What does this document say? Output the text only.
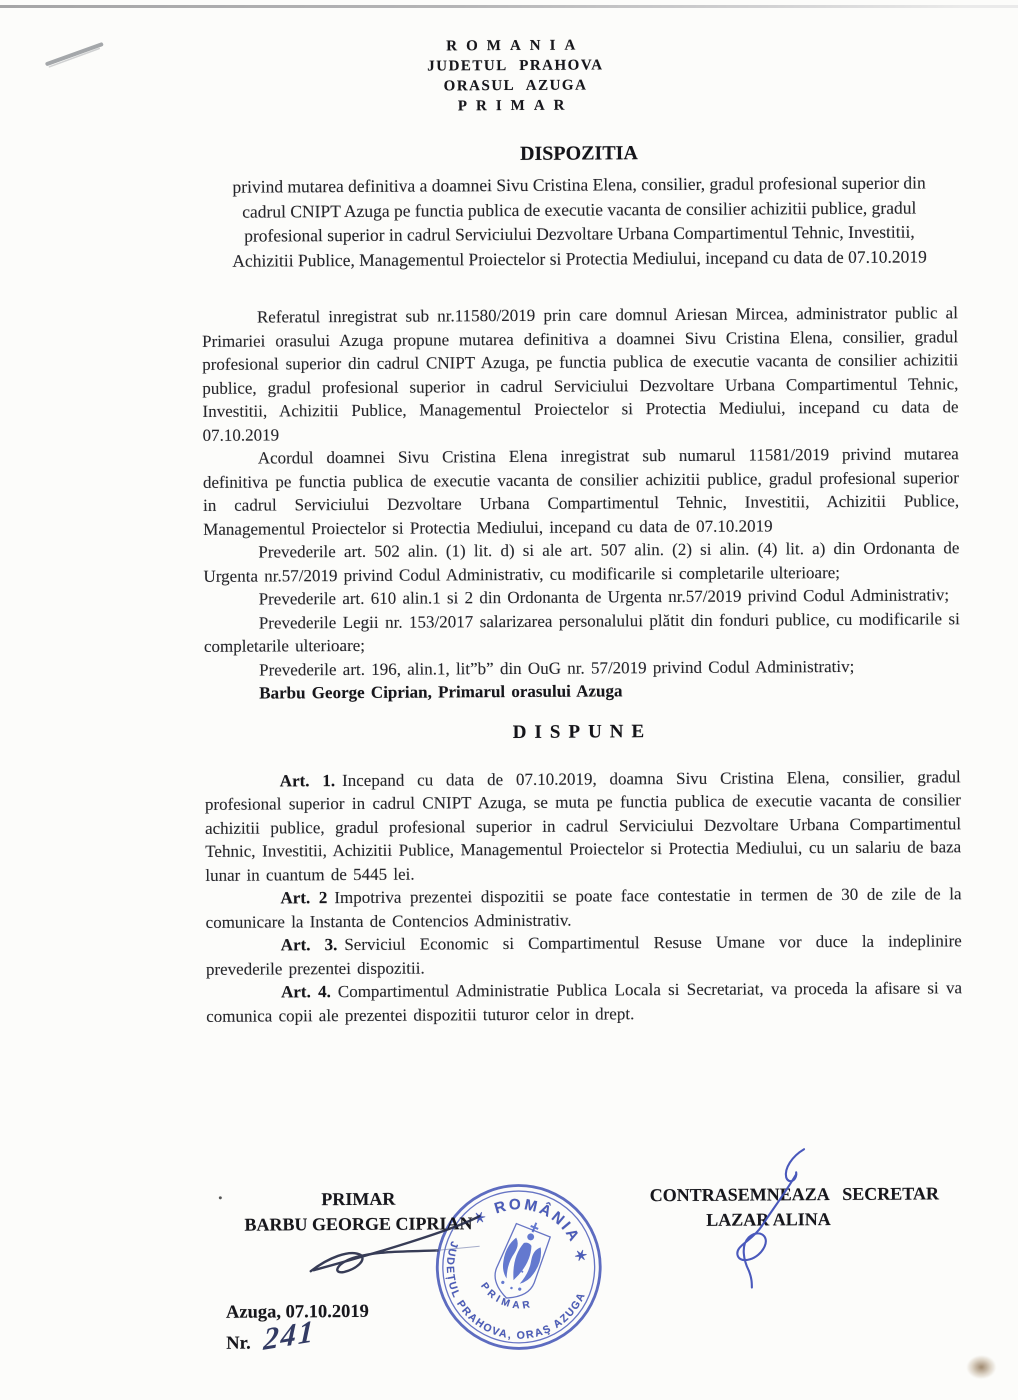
ROMANIA
JUDETUL PRAHOVA
ORASUL AZUGA
PRIMAR
DISPOZITIA
privind mutarea definitiva a doamnei Sivu Cristina Elena, consilier, gradul profesional superior din cadrul CNIPT Azuga pe functia publica de executie vacanta de consilier achizitii publice, gradul profesional superior in cadrul Serviciului Dezvoltare Urbana Compartimentul Tehnic, Investitii, Achizitii Publice, Managementul Proiectelor si Protectia Mediului, incepand cu data de 07.10.2019

Referatul inregistrat sub nr.11580/2019 prin care domnul Ariesan Mircea, administrator public al Primariei orasului Azuga propune mutarea definitiva a doamnei Sivu Cristina Elena, consilier, gradul profesional superior din cadrul CNIPT Azuga, pe functia publica de executie vacanta de consilier achizitii publice, gradul profesional superior in cadrul Serviciului Dezvoltare Urbana Compartimentul Tehnic, Investitii, Achizitii Publice, Managementul Proiectelor si Protectia Mediului, incepand cu data de 07.10.2019

Acordul doamnei Sivu Cristina Elena inregistrat sub numarul 11581/2019 privind mutarea definitiva pe functia publica de executie vacanta de consilier achizitii publice, gradul profesional superior in cadrul Serviciului Dezvoltare Urbana Compartimentul Tehnic, Investitii, Achizitii Publice, Managementul Proiectelor si Protectia Mediului, incepand cu data de 07.10.2019

Prevederile art. 502 alin. (1) lit. d) si ale art. 507 alin. (2) si alin. (4) lit. a) din Ordonanta de Urgenta nr.57/2019 privind Codul Administrativ, cu modificarile si completarile ulterioare;

Prevederile art. 610 alin.1 si 2 din Ordonanta de Urgenta nr.57/2019 privind Codul Administrativ;

Prevederile Legii nr. 153/2017 salarizarea personalului plătit din fonduri publice, cu modificarile si completarile ulterioare;

Prevederile art. 196, alin.1, lit”b” din OuG nr. 57/2019 privind Codul Administrativ;

Barbu George Ciprian, Primarul orasului Azuga

DISPUNE

Art. 1. Incepand cu data de 07.10.2019, doamna Sivu Cristina Elena, consilier, gradul profesional superior in cadrul CNIPT Azuga, se muta pe functia publica de executie vacanta de consilier achizitii publice, gradul profesional superior in cadrul Serviciului Dezvoltare Urbana Compartimentul Tehnic, Investitii, Achizitii Publice, Managementul Proiectelor si Protectia Mediului, cu un salariu de baza lunar in cuantum de 5445 lei.

Art. 2 Impotriva prezentei dispozitii se poate face contestatie in termen de 30 de zile de la comunicare la Instanta de Contencios Administrativ.

Art. 3. Serviciul Economic si Compartimentul Resuse Umane vor duce la indeplinire prevederile prezentei dispozitii.

Art. 4. Compartimentul Administratie Publica Locala si Secretariat, va proceda la afisare si va comunica copii ale prezentei dispozitii tuturor celor in drept.

· PRIMAR
BARBU GEORGE CIPRIAN
CONTRASEMNEAZA SECRETAR
LAZAR ALINA
✶ ROMÂNIA ✶
JUDEȚUL PRAHOVA, ORAŞ AZUGA
PRIMAR
Azuga, 07.10.2019
Nr. 241
